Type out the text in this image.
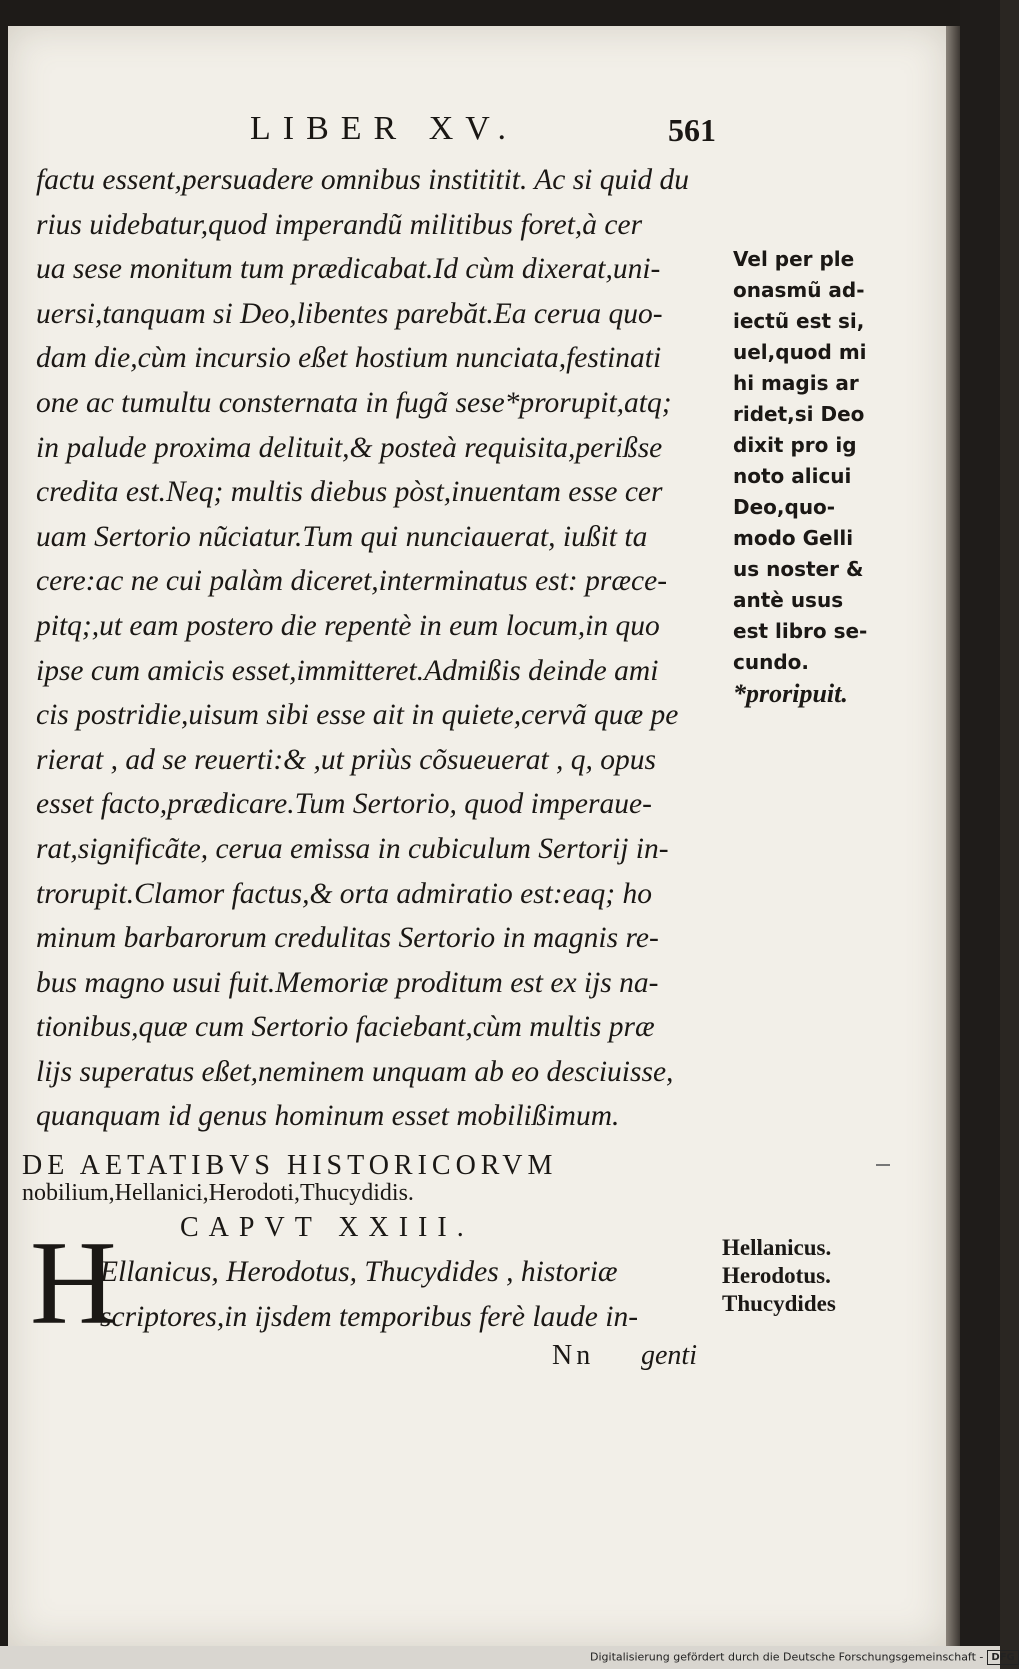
LIBER XV.	561
factu essent,persuadere omnibus instititit. Ac si quid du
rius uidebatur,quod imperandũ militibus foret,à cer
ua sese monitum tum prædicabat.Id cùm dixerat,uni-
uersi,tanquam si Deo,libentes parebăt.Ea cerua quo-
dam die,cùm incursio eßet hostium nunciata,festinati
one ac tumultu consternata in fugã sese*prorupit,atq;
in palude proxima delituit,& posteà requisita,perißse
credita est.Neq; multis diebus pòst,inuentam esse cer
uam Sertorio nũciatur.Tum qui nunciauerat, iußit ta
cere:ac ne cui palàm diceret,interminatus est: præce-
pitq;,ut eam postero die repentè in eum locum,in quo
ipse cum amicis esset,immitteret.Admißis deinde ami
cis postridie,uisum sibi esse ait in quiete,cervã quæ pe
rierat , ad se reuerti:& ,ut priùs cõsueuerat , q, opus
esset facto,prædicare.Tum Sertorio, quod imperaue-
rat,significãte, cerua emissa in cubiculum Sertorij in-
trorupit.Clamor factus,& orta admiratio est:eaq; ho
minum barbarorum credulitas Sertorio in magnis re-
bus magno usui fuit.Memoriæ proditum est ex ijs na-
tionibus,quæ cum Sertorio faciebant,cùm multis præ
lijs superatus eßet,neminem unquam ab eo desciuisse,
quanquam id genus hominum esset mobilißimum.
Vel per ple
onasmũ ad-
iectũ est si,
uel,quod mi
hi magis ar
ridet,si Deo
dixit pro ig
noto alicui
Deo,quo-
modo Gelli
us noster &
antè usus
est libro se-
cundo.
*proripuit.
DE AETATIBVS HISTORICORVM
nobilium,Hellanici,Herodoti,Thucydidis.
CAPVT XXIII.
H
Ellanicus, Herodotus, Thucydides , historiæ
scriptores,in ijsdem temporibus ferè laude in-
Hellanicus.
Herodotus.
Thucydides
Nn genti
Digitalisierung gefördert durch die Deutsche Forschungsgemeinschaft - DFG
